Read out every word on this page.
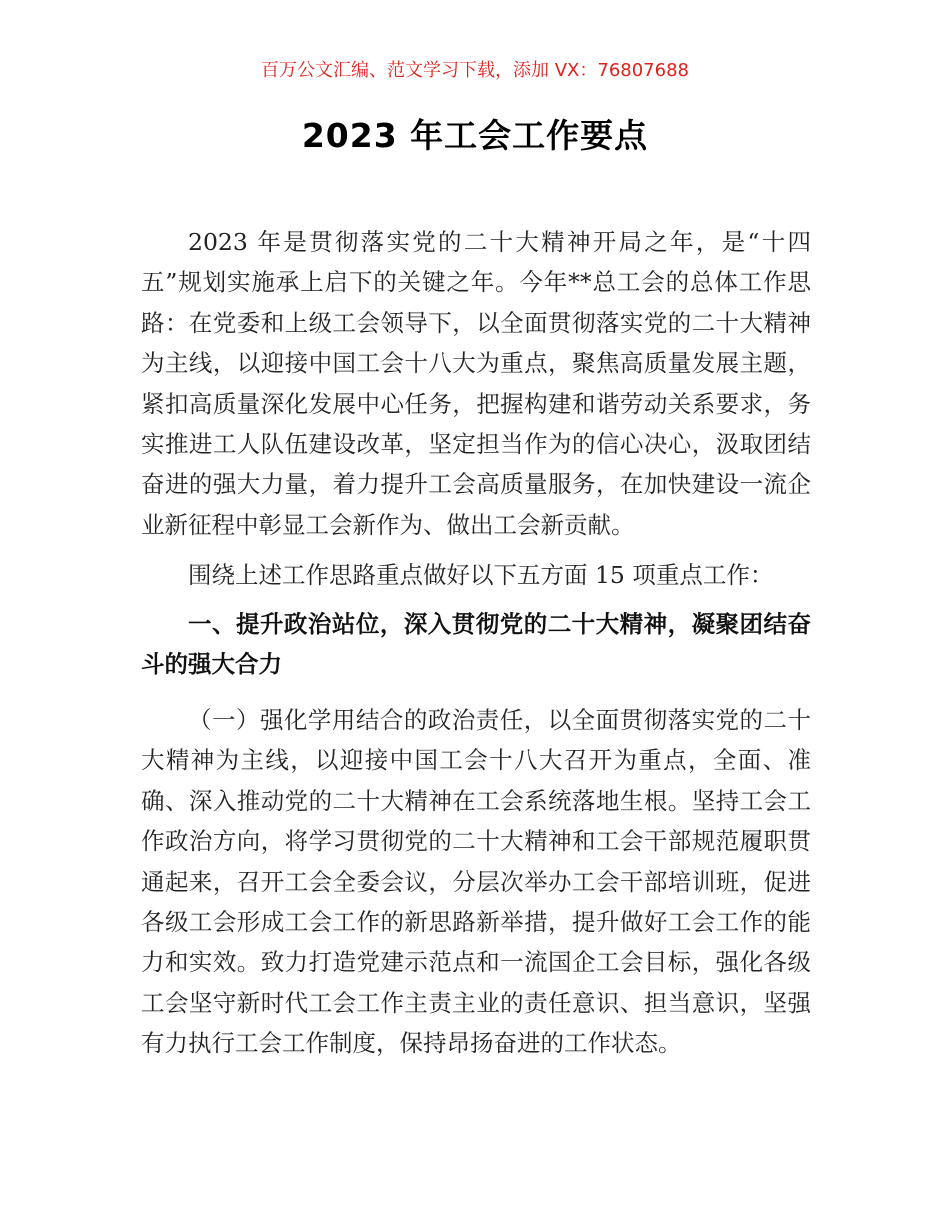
百万公文汇编、范文学习下载，添加 VX：76807688
2023 年工会工作要点

2023 年是贯彻落实党的二十大精神开局之年，是“十四五”规划实施承上启下的关键之年。今年**总工会的总体工作思路：在党委和上级工会领导下，以全面贯彻落实党的二十大精神为主线，以迎接中国工会十八大为重点，聚焦高质量发展主题，紧扣高质量深化发展中心任务，把握构建和谐劳动关系要求，务实推进工人队伍建设改革，坚定担当作为的信心决心，汲取团结奋进的强大力量，着力提升工会高质量服务，在加快建设一流企业新征程中彰显工会新作为、做出工会新贡献。

围绕上述工作思路重点做好以下五方面 15 项重点工作：

一、提升政治站位，深入贯彻党的二十大精神，凝聚团结奋斗的强大合力

（一）强化学用结合的政治责任，以全面贯彻落实党的二十大精神为主线，以迎接中国工会十八大召开为重点，全面、准确、深入推动党的二十大精神在工会系统落地生根。坚持工会工作政治方向，将学习贯彻党的二十大精神和工会干部规范履职贯通起来，召开工会全委会议，分层次举办工会干部培训班，促进各级工会形成工会工作的新思路新举措，提升做好工会工作的能力和实效。致力打造党建示范点和一流国企工会目标，强化各级工会坚守新时代工会工作主责主业的责任意识、担当意识，坚强有力执行工会工作制度，保持昂扬奋进的工作状态。
